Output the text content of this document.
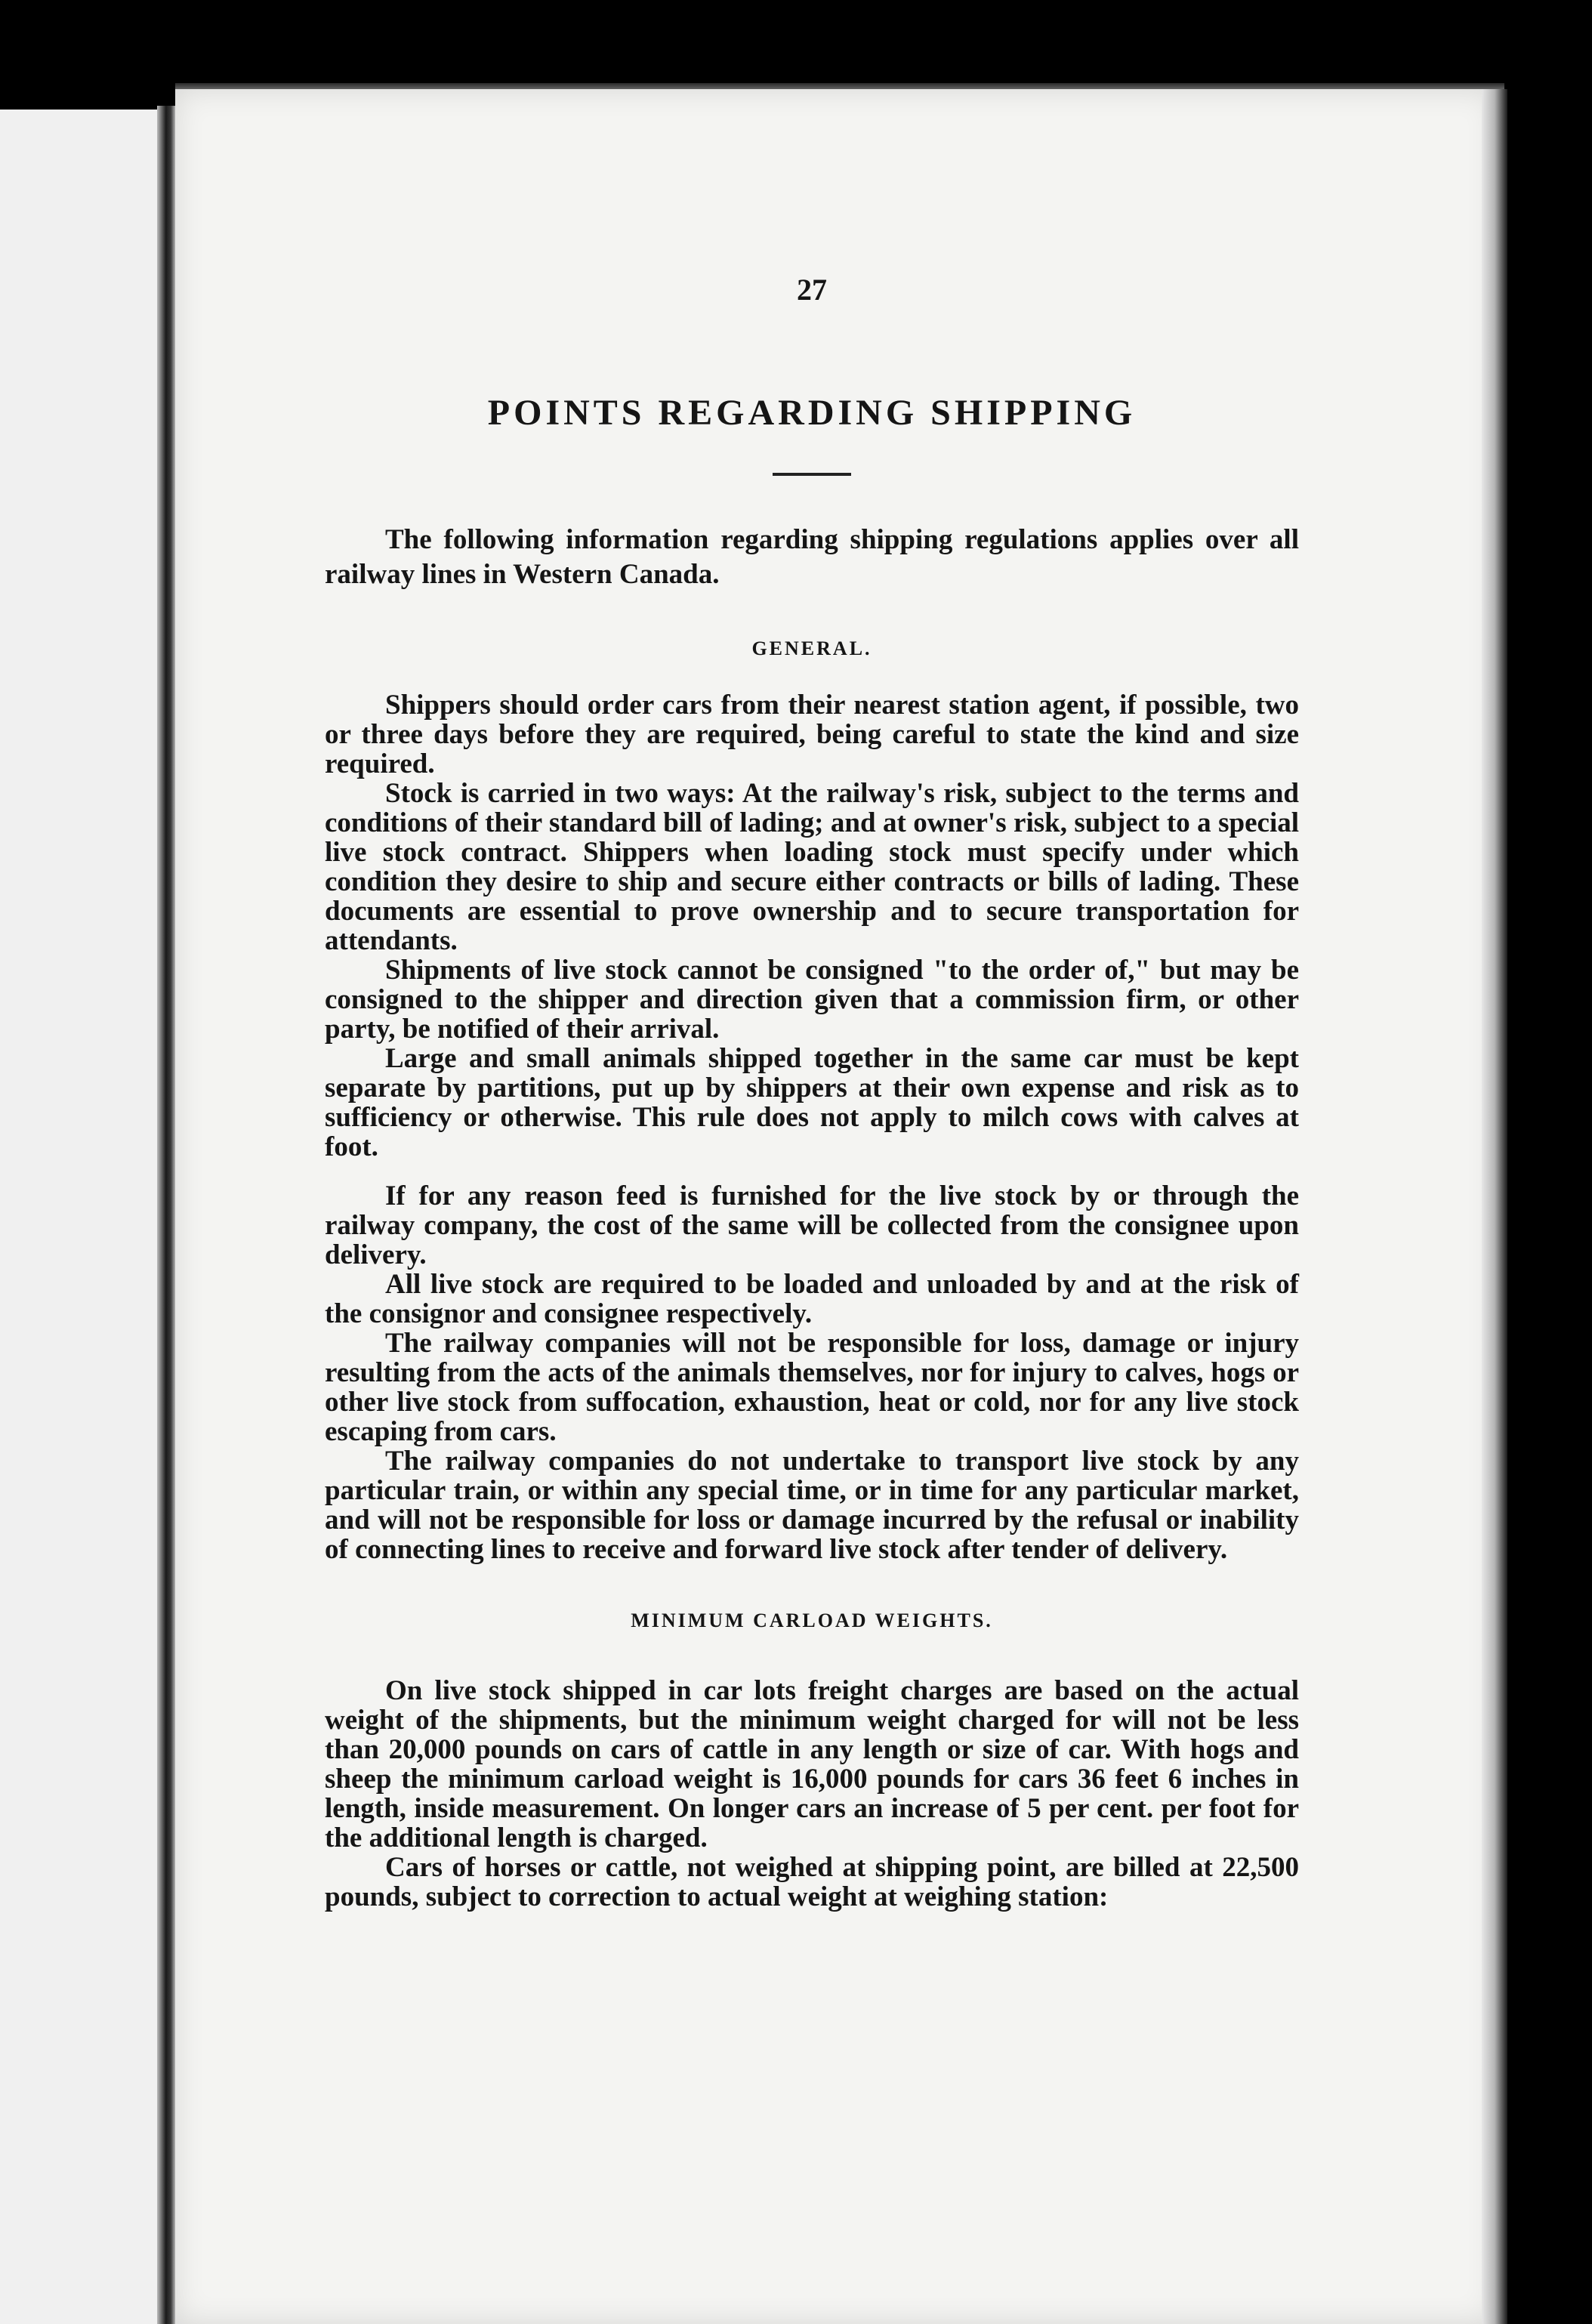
27
POINTS REGARDING SHIPPING

The following information regarding shipping regulations applies over all railway lines in Western Canada.

GENERAL.

Shippers should order cars from their nearest station agent, if possible, two or three days before they are required, being careful to state the kind and size required.

Stock is carried in two ways: At the railway's risk, subject to the terms and conditions of their standard bill of lading; and at owner's risk, subject to a special live stock contract. Shippers when loading stock must specify under which condition they desire to ship and secure either contracts or bills of lading. These documents are essential to prove ownership and to secure transportation for attendants.

Shipments of live stock cannot be consigned "to the order of," but may be consigned to the shipper and direction given that a commission firm, or other party, be notified of their arrival.

Large and small animals shipped together in the same car must be kept separate by partitions, put up by shippers at their own expense and risk as to sufficiency or otherwise. This rule does not apply to milch cows with calves at foot.

If for any reason feed is furnished for the live stock by or through the railway company, the cost of the same will be collected from the consignee upon delivery.

All live stock are required to be loaded and unloaded by and at the risk of the consignor and consignee respectively.

The railway companies will not be responsible for loss, damage or injury resulting from the acts of the animals themselves, nor for injury to calves, hogs or other live stock from suffocation, exhaustion, heat or cold, nor for any live stock escaping from cars.

The railway companies do not undertake to transport live stock by any particular train, or within any special time, or in time for any particular market, and will not be responsible for loss or damage incurred by the refusal or inability of connecting lines to receive and forward live stock after tender of delivery.

MINIMUM CARLOAD WEIGHTS.

On live stock shipped in car lots freight charges are based on the actual weight of the shipments, but the minimum weight charged for will not be less than 20,000 pounds on cars of cattle in any length or size of car. With hogs and sheep the minimum carload weight is 16,000 pounds for cars 36 feet 6 inches in length, inside measurement. On longer cars an increase of 5 per cent. per foot for the additional length is charged.

Cars of horses or cattle, not weighed at shipping point, are billed at 22,500 pounds, subject to correction to actual weight at weighing station:
